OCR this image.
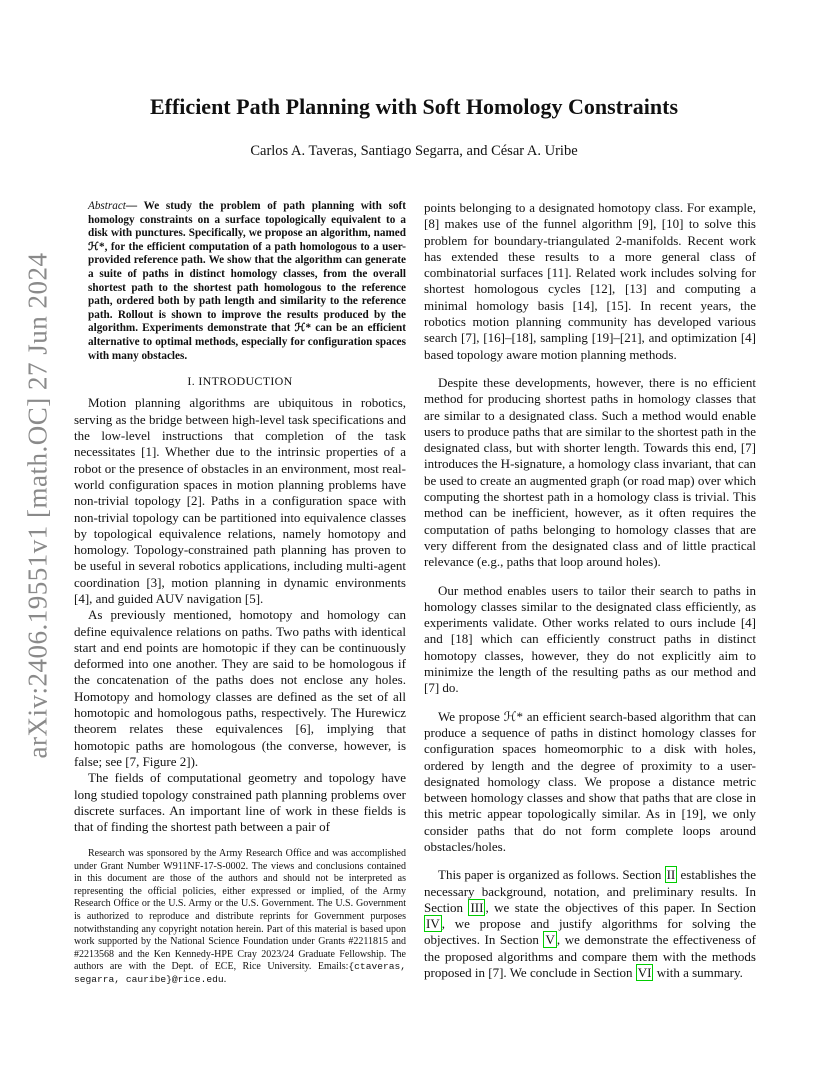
arXiv:2406.19551v1 [math.OC] 27 Jun 2024
Efficient Path Planning with Soft Homology Constraints
Carlos A. Taveras, Santiago Segarra, and César A. Uribe
Abstract— We study the problem of path planning with soft homology constraints on a surface topologically equivalent to a disk with punctures. Specifically, we propose an algorithm, named ℋ*, for the efficient computation of a path homologous to a user-provided reference path. We show that the algorithm can generate a suite of paths in distinct homology classes, from the overall shortest path to the shortest path homologous to the reference path, ordered both by path length and similarity to the reference path. Rollout is shown to improve the results produced by the algorithm. Experiments demonstrate that ℋ* can be an efficient alternative to optimal methods, especially for configuration spaces with many obstacles.
I. INTRODUCTION

Motion planning algorithms are ubiquitous in robotics, serving as the bridge between high-level task specifications and the low-level instructions that completion of the task necessitates [1]. Whether due to the intrinsic properties of a robot or the presence of obstacles in an environment, most real-world configuration spaces in motion planning problems have non-trivial topology [2]. Paths in a configuration space with non-trivial topology can be partitioned into equivalence classes by topological equivalence relations, namely homotopy and homology. Topology-constrained path planning has proven to be useful in several robotics applications, including multi-agent coordination [3], motion planning in dynamic environments [4], and guided AUV navigation [5].

As previously mentioned, homotopy and homology can define equivalence relations on paths. Two paths with identical start and end points are homotopic if they can be continuously deformed into one another. They are said to be homologous if the concatenation of the paths does not enclose any holes. Homotopy and homology classes are defined as the set of all homotopic and homologous paths, respectively. The Hurewicz theorem relates these equivalences [6], implying that homotopic paths are homologous (the converse, however, is false; see [7, Figure 2]).

The fields of computational geometry and topology have long studied topology constrained path planning problems over discrete surfaces. An important line of work in these fields is that of finding the shortest path between a pair of

Research was sponsored by the Army Research Office and was accomplished under Grant Number W911NF-17-S-0002. The views and conclusions contained in this document are those of the authors and should not be interpreted as representing the official policies, either expressed or implied, of the Army Research Office or the U.S. Army or the U.S. Government. The U.S. Government is authorized to reproduce and distribute reprints for Government purposes notwithstanding any copyright notation herein. Part of this material is based upon work supported by the National Science Foundation under Grants #2211815 and #2213568 and the Ken Kennedy-HPE Cray 2023/24 Graduate Fellowship. The authors are with the Dept. of ECE, Rice University. Emails:{ctaveras, segarra, cauribe}@rice.edu.

points belonging to a designated homotopy class. For example, [8] makes use of the funnel algorithm [9], [10] to solve this problem for boundary-triangulated 2-manifolds. Recent work has extended these results to a more general class of combinatorial surfaces [11]. Related work includes solving for shortest homologous cycles [12], [13] and computing a minimal homology basis [14], [15]. In recent years, the robotics motion planning community has developed various search [7], [16]–[18], sampling [19]–[21], and optimization [4] based topology aware motion planning methods.

Despite these developments, however, there is no efficient method for producing shortest paths in homology classes that are similar to a designated class. Such a method would enable users to produce paths that are similar to the shortest path in the designated class, but with shorter length. Towards this end, [7] introduces the H-signature, a homology class invariant, that can be used to create an augmented graph (or road map) over which computing the shortest path in a homology class is trivial. This method can be inefficient, however, as it often requires the computation of paths belonging to homology classes that are very different from the designated class and of little practical relevance (e.g., paths that loop around holes).

Our method enables users to tailor their search to paths in homology classes similar to the designated class efficiently, as experiments validate. Other works related to ours include [4] and [18] which can efficiently construct paths in distinct homotopy classes, however, they do not explicitly aim to minimize the length of the resulting paths as our method and [7] do.

We propose ℋ* an efficient search-based algorithm that can produce a sequence of paths in distinct homology classes for configuration spaces homeomorphic to a disk with holes, ordered by length and the degree of proximity to a user-designated homology class. We propose a distance metric between homology classes and show that paths that are close in this metric appear topologically similar. As in [19], we only consider paths that do not form complete loops around obstacles/holes.

This paper is organized as follows. Section II establishes the necessary background, notation, and preliminary results. In Section III , we state the objectives of this paper. In Section IV , we propose and justify algorithms for solving the objectives. In Section V , we demonstrate the effectiveness of the proposed algorithms and compare them with the methods proposed in [7]. We conclude in Section VI with a summary.
